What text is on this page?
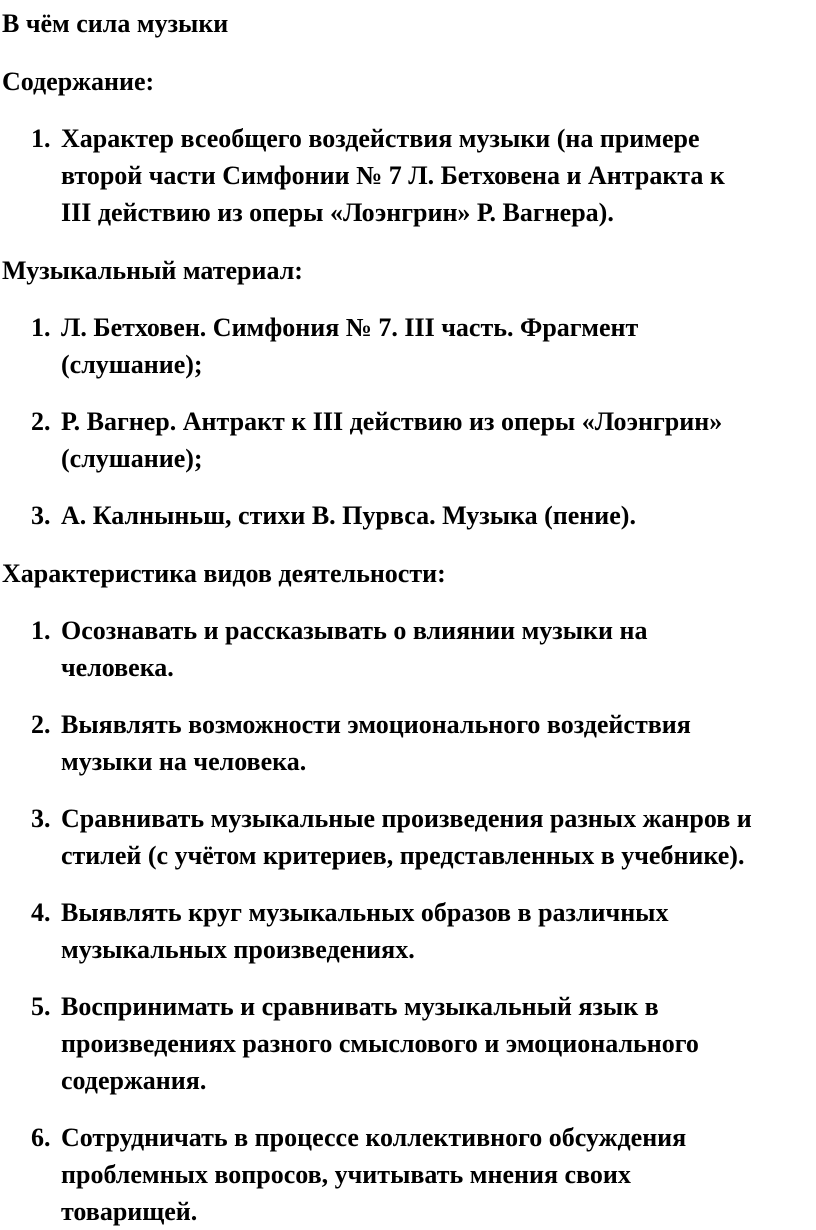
В чём сила музыки

Содержание:

1. Характер всеобщего воздействия музыки (на примере второй части Симфонии № 7 Л. Бетховена и Антракта к III действию из оперы «Лоэнгрин» Р. Вагнера).

Музыкальный материал:

1. Л. Бетховен. Симфония № 7. III часть. Фрагмент (слушание);
2. Р. Вагнер. Антракт к III действию из оперы «Лоэнгрин» (слушание);
3. А. Калныньш, стихи В. Пурвса. Музыка (пение).

Характеристика видов деятельности:

1. Осознавать и рассказывать о влиянии музыки на человека.
2. Выявлять возможности эмоционального воздействия музыки на человека.
3. Сравнивать музыкальные произведения разных жанров и стилей (с учётом критериев, представленных в учебнике).
4. Выявлять круг музыкальных образов в различных музыкальных произведениях.
5. Воспринимать и сравнивать музыкальный язык в произведениях разного смыслового и эмоционального содержания.
6. Сотрудничать в процессе коллективного обсуждения проблемных вопросов, учитывать мнения своих товарищей.
